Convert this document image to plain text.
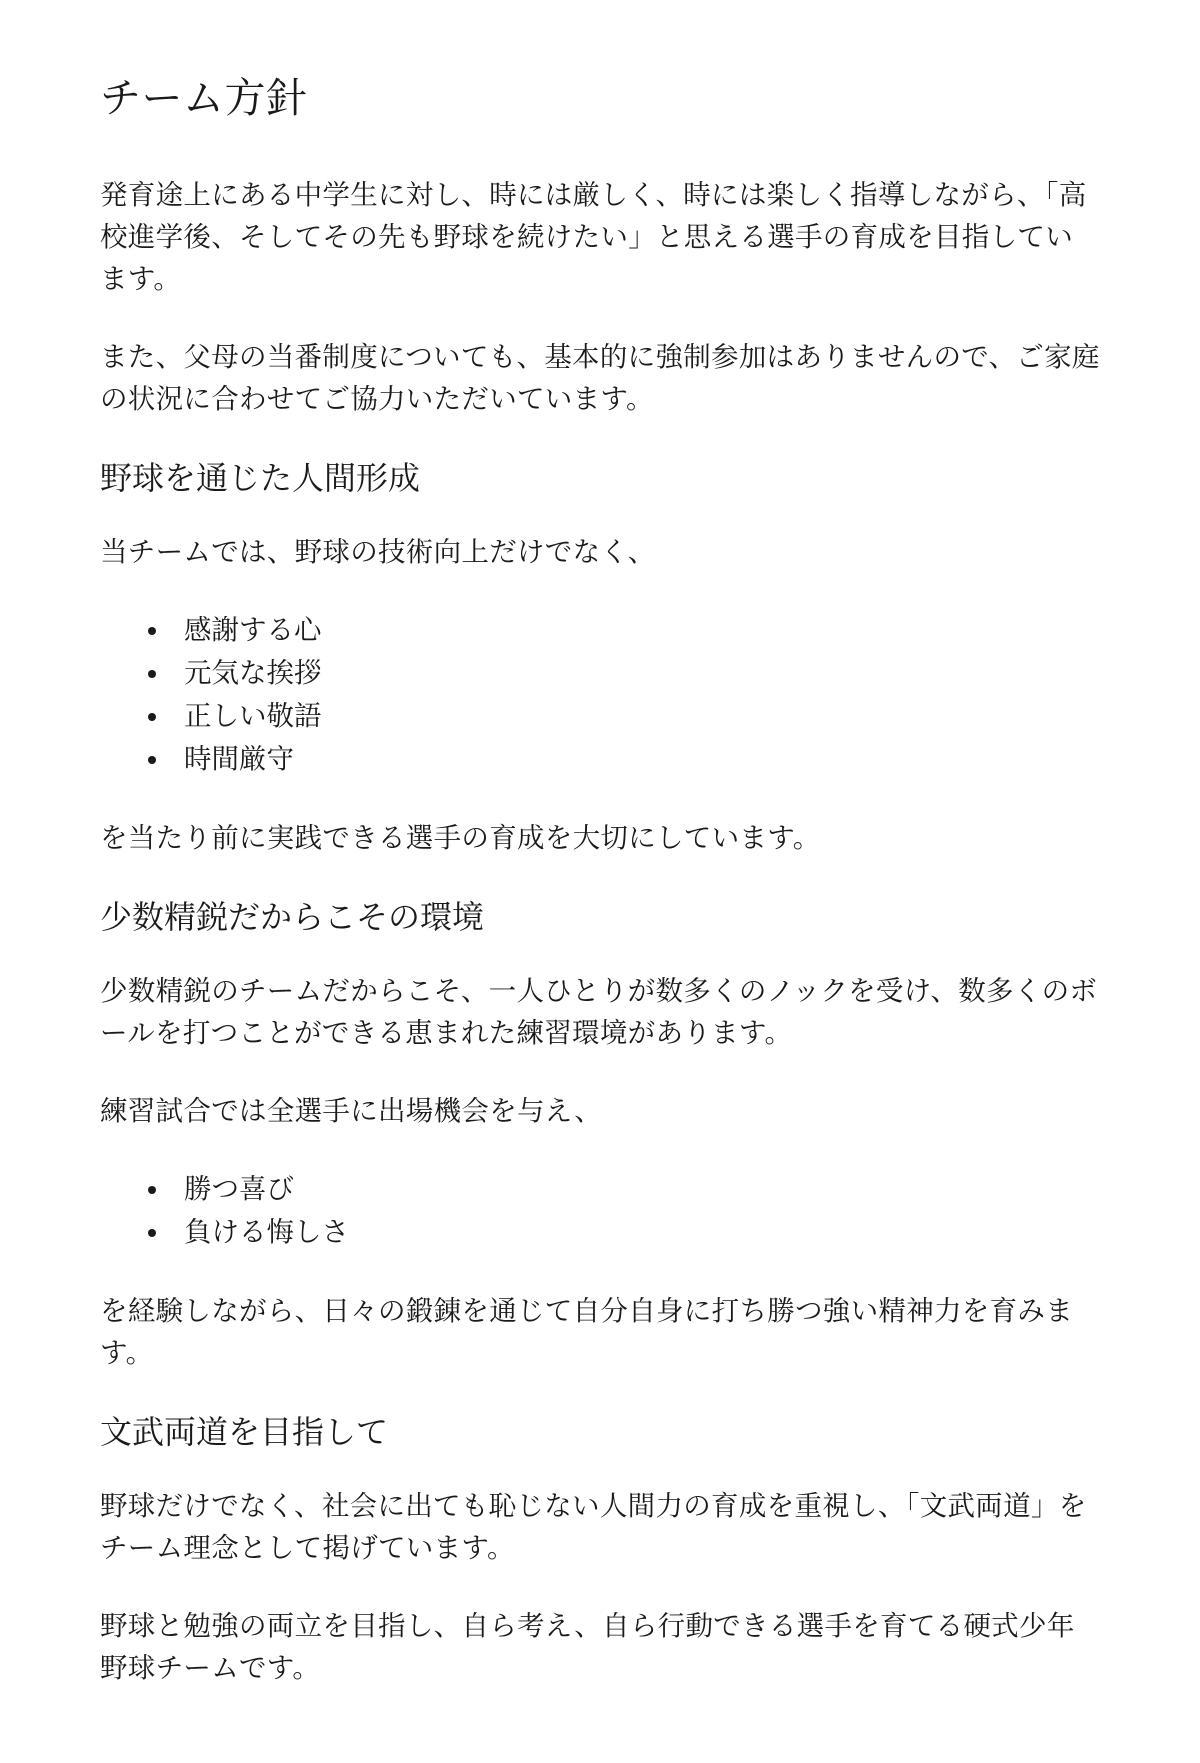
チーム方針

発育途上にある中学生に対し、時には厳しく、時には楽しく指導しながら、「高校進学後、そしてその先も野球を続けたい」と思える選手の育成を目指しています。

また、父母の当番制度についても、基本的に強制参加はありませんので、ご家庭の状況に合わせてご協力いただいています。

野球を通じた人間形成

当チームでは、野球の技術向上だけでなく、

感謝する心
元気な挨拶
正しい敬語
時間厳守

を当たり前に実践できる選手の育成を大切にしています。

少数精鋭だからこその環境

少数精鋭のチームだからこそ、一人ひとりが数多くのノックを受け、数多くのボールを打つことができる恵まれた練習環境があります。

練習試合では全選手に出場機会を与え、

勝つ喜び
負ける悔しさ

を経験しながら、日々の鍛錬を通じて自分自身に打ち勝つ強い精神力を育みます。

文武両道を目指して

野球だけでなく、社会に出ても恥じない人間力の育成を重視し、「文武両道」をチーム理念として掲げています。

野球と勉強の両立を目指し、自ら考え、自ら行動できる選手を育てる硬式少年野球チームです。
